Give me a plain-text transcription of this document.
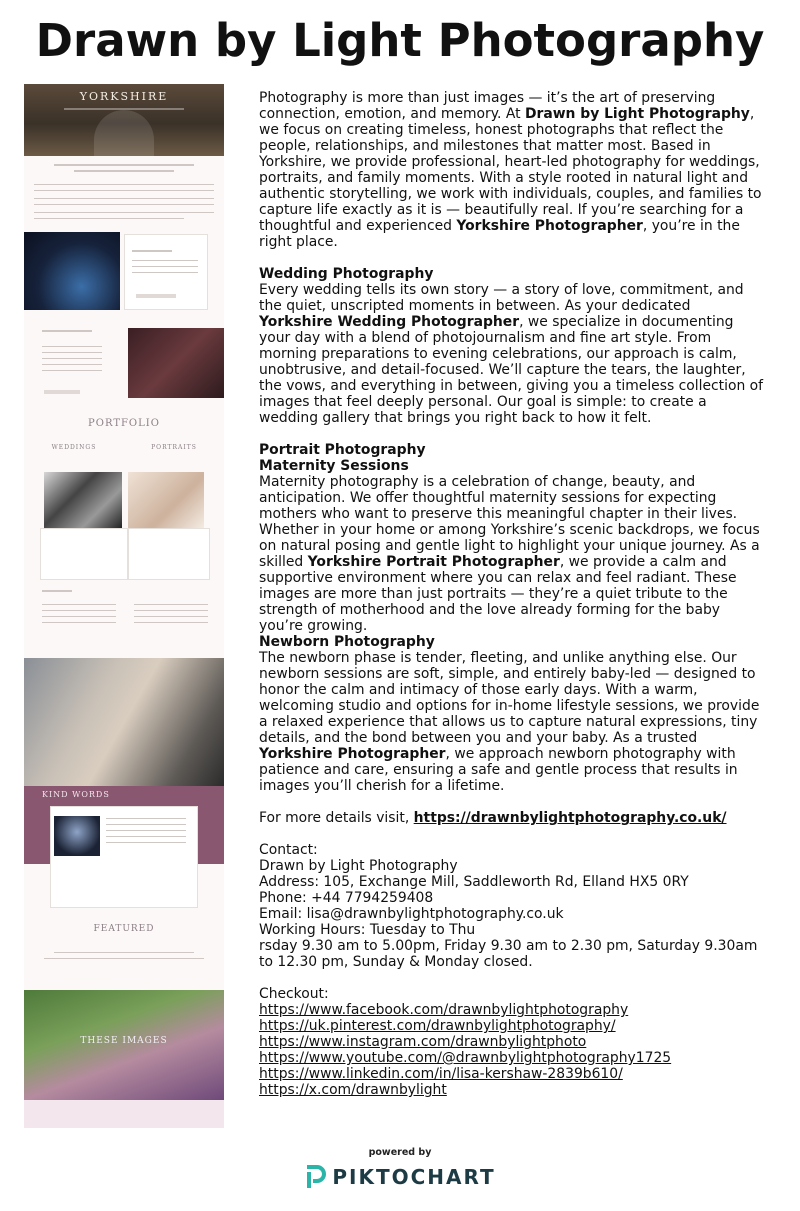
Drawn by Light Photography
YORKSHIRE
PORTFOLIO
WEDDINGS	PORTRAITS
KIND WORDS
FEATURED
THESE IMAGES

Photography is more than just images — it’s the art of preserving connection, emotion, and memory. At Drawn by Light Photography, we focus on creating timeless, honest photographs that reflect the people, relationships, and milestones that matter most. Based in Yorkshire, we provide professional, heart-led photography for weddings, portraits, and family moments. With a style rooted in natural light and authentic storytelling, we work with individuals, couples, and families to capture life exactly as it is — beautifully real. If you’re searching for a thoughtful and experienced Yorkshire Photographer, you’re in the right place.

Wedding Photography

Every wedding tells its own story — a story of love, commitment, and the quiet, unscripted moments in between. As your dedicated Yorkshire Wedding Photographer, we specialize in documenting your day with a blend of photojournalism and fine art style. From morning preparations to evening celebrations, our approach is calm, unobtrusive, and detail-focused. We’ll capture the tears, the laughter, the vows, and everything in between, giving you a timeless collection of images that feel deeply personal. Our goal is simple: to create a wedding gallery that brings you right back to how it felt.

Portrait Photography

Maternity Sessions

Maternity photography is a celebration of change, beauty, and anticipation. We offer thoughtful maternity sessions for expecting mothers who want to preserve this meaningful chapter in their lives. Whether in your home or among Yorkshire’s scenic backdrops, we focus on natural posing and gentle light to highlight your unique journey. As a skilled Yorkshire Portrait Photographer, we provide a calm and supportive environment where you can relax and feel radiant. These images are more than just portraits — they’re a quiet tribute to the strength of motherhood and the love already forming for the baby you’re growing.

Newborn Photography

The newborn phase is tender, fleeting, and unlike anything else. Our newborn sessions are soft, simple, and entirely baby-led — designed to honor the calm and intimacy of those early days. With a warm, welcoming studio and options for in-home lifestyle sessions, we provide a relaxed experience that allows us to capture natural expressions, tiny details, and the bond between you and your baby. As a trusted Yorkshire Photographer, we approach newborn photography with patience and care, ensuring a safe and gentle process that results in images you’ll cherish for a lifetime.

For more details visit, https://drawnbylightphotography.co.uk/

Contact:

Drawn by Light Photography

Address: 105, Exchange Mill, Saddleworth Rd, Elland HX5 0RY

Phone: +44 7794259408

Email: lisa@drawnbylightphotography.co.uk

Working Hours: Tuesday to Thu

rsday 9.30 am to 5.00pm, Friday 9.30 am to 2.30 pm, Saturday 9.30am to 12.30 pm, Sunday & Monday closed.

Checkout:

https://www.facebook.com/drawnbylightphotography
https://uk.pinterest.com/drawnbylightphotography/
https://www.instagram.com/drawnbylightphoto
https://www.youtube.com/@drawnbylightphotography1725
https://www.linkedin.com/in/lisa-kershaw-2839b610/
https://x.com/drawnbylight
powered by
PIKTOCHART
